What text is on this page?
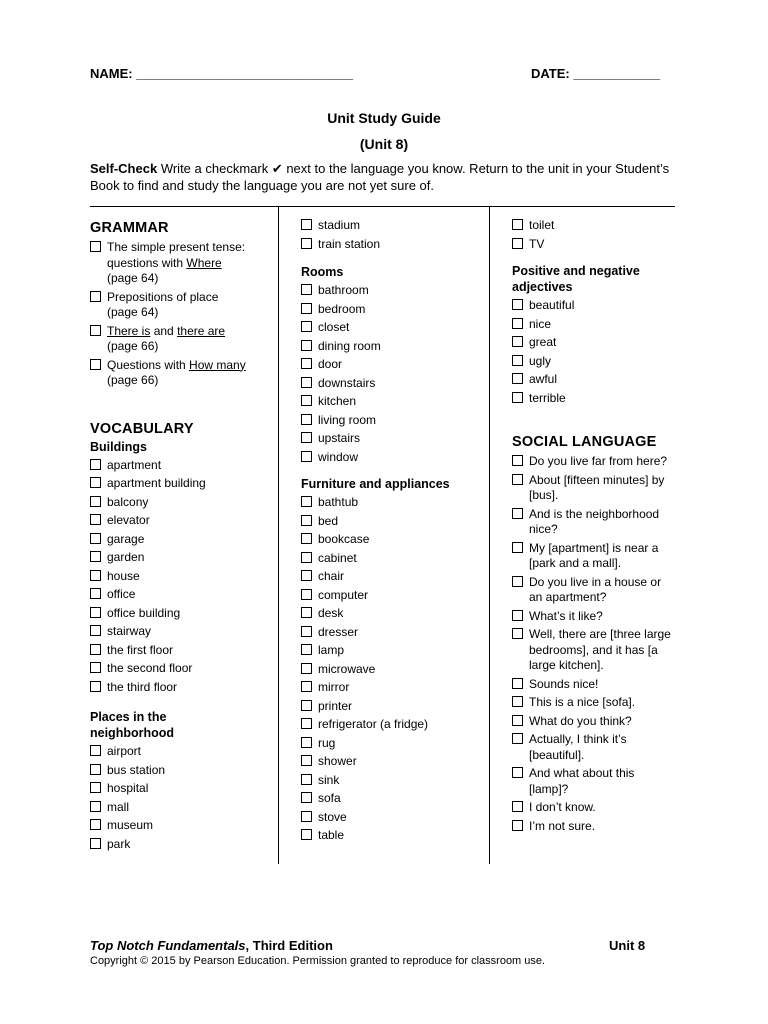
NAME: ______________________________	DATE: ____________
Unit Study Guide
(Unit 8)
Self-Check Write a checkmark ✔ next to the language you know. Return to the unit in your Student’s Book to find and study the language you are not yet sure of.
GRAMMAR
The simple present tense: questions with Where
(page 64)
Prepositions of place
(page 64)
There is and there are
(page 66)
Questions with How many
(page 66)
VOCABULARY
Buildings
apartment
apartment building
balcony
elevator
garage
garden
house
office
office building
stairway
the first floor
the second floor
the third floor
Places in the neighborhood
airport
bus station
hospital
mall
museum
park
stadium
train station
Rooms
bathroom
bedroom
closet
dining room
door
downstairs
kitchen
living room
upstairs
window
Furniture and appliances
bathtub
bed
bookcase
cabinet
chair
computer
desk
dresser
lamp
microwave
mirror
printer
refrigerator (a fridge)
rug
shower
sink
sofa
stove
table
toilet
TV
Positive and negative adjectives
beautiful
nice
great
ugly
awful
terrible
SOCIAL LANGUAGE
Do you live far from here?
About [fifteen minutes] by [bus].
And is the neighborhood nice?
My [apartment] is near a [park and a mall].
Do you live in a house or an apartment?
What’s it like?
Well, there are [three large bedrooms], and it has [a large kitchen].
Sounds nice!
This is a nice [sofa].
What do you think?
Actually, I think it’s [beautiful].
And what about this [lamp]?
I don’t know.
I’m not sure.
Top Notch Fundamentals, Third Edition	Unit 8
Copyright © 2015 by Pearson Education. Permission granted to reproduce for classroom use.
